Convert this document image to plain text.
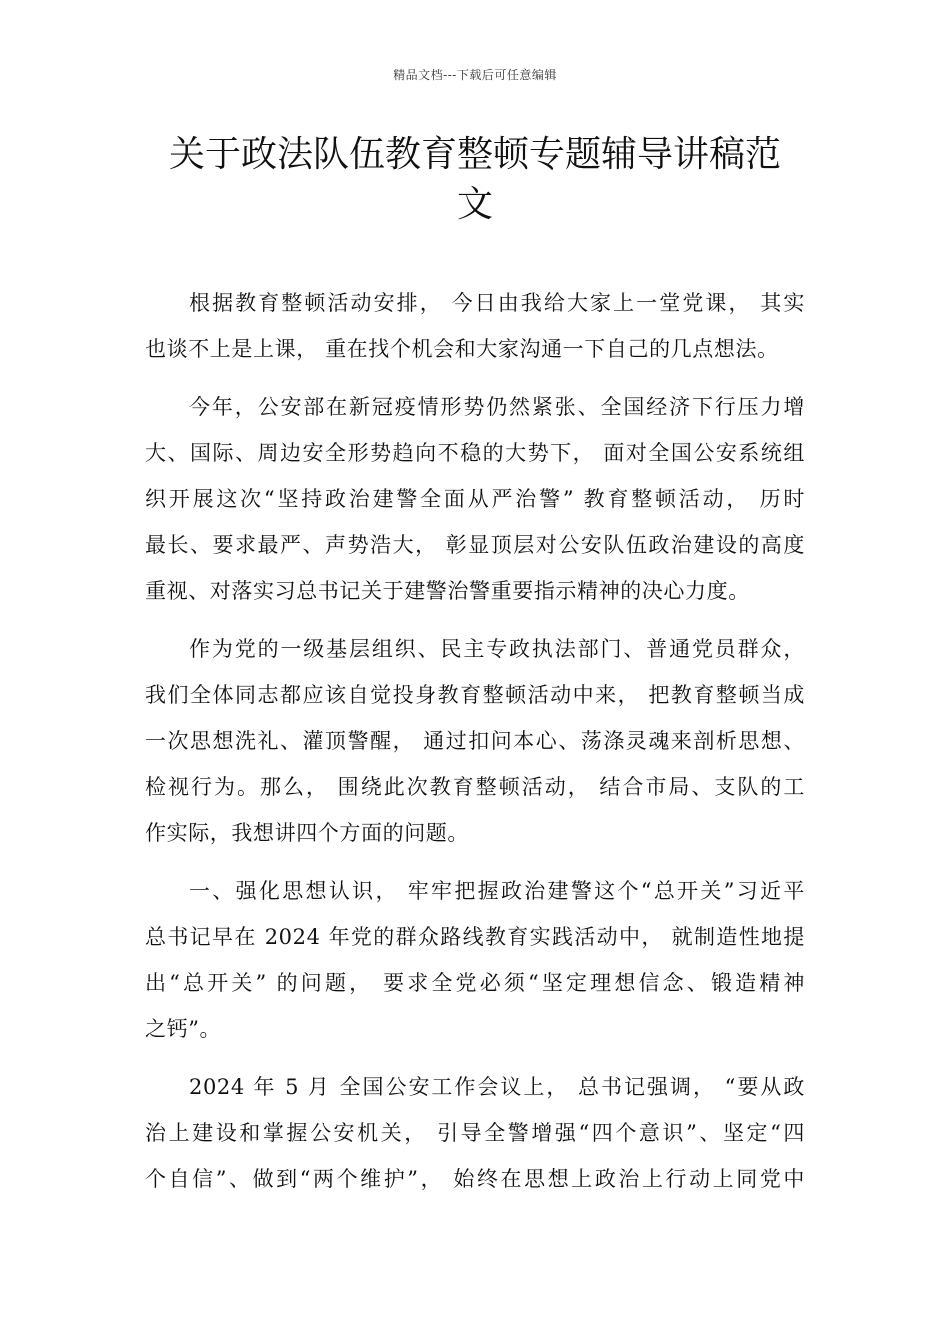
精品文档---下载后可任意编辑
关于政法队伍教育整顿专题辅导讲稿范
文
根据教育整顿活动安排， 今日由我给大家上一堂党课， 其实
也谈不上是上课， 重在找个机会和大家沟通一下自己的几点想法。
今年，公安部在新冠疫情形势仍然紧张、全国经济下行压力增
大、国际、周边安全形势趋向不稳的大势下， 面对全国公安系统组
织开展这次“坚持政治建警全面从严治警” 教育整顿活动， 历时
最长、要求最严、声势浩大， 彰显顶层对公安队伍政治建设的高度
重视、对落实习总书记关于建警治警重要指示精神的决心力度。
作为党的一级基层组织、民主专政执法部门、普通党员群众，
我们全体同志都应该自觉投身教育整顿活动中来， 把教育整顿当成
一次思想洗礼、灌顶警醒， 通过扣问本心、荡涤灵魂来剖析思想、
检视行为。那么， 围绕此次教育整顿活动， 结合市局、支队的工
作实际，我想讲四个方面的问题。
一、强化思想认识， 牢牢把握政治建警这个“总开关”习近平
总书记早在 2024 年党的群众路线教育实践活动中， 就制造性地提
出“总开关” 的问题， 要求全党必须“坚定理想信念、锻造精神
之钙”。
2024 年 5 月 全国公安工作会议上， 总书记强调， “要从政
治上建设和掌握公安机关， 引导全警增强“四个意识”、坚定“四
个自信”、做到“两个维护”， 始终在思想上政治上行动上同党中
